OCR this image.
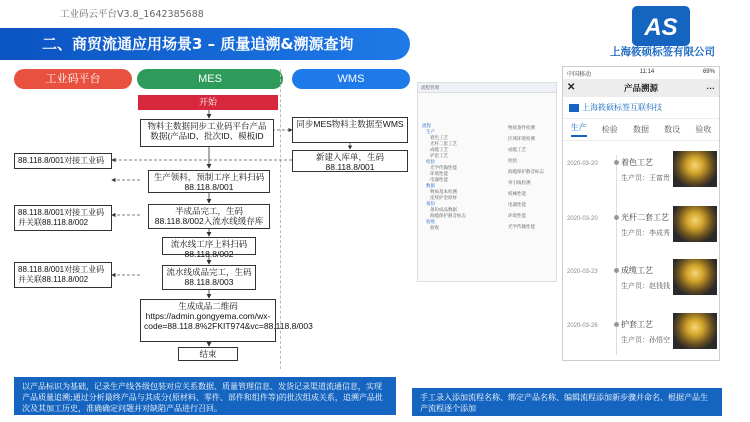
工业码云平台V3.8_1642385688
二、商贸流通应用场景3 – 质量追溯&溯源查询
AS
上海筱硕标签有限公司
工业码平台	MES	WMS
开始
物料主数据同步工业码平台产品数据(产品ID、批次ID、模板ID
生产领料，预制工序上料扫码88.118.8/001
半成品完工，生码88.118.8/002入流水线缓存库
流水线工序上料扫码88.118.8/002
流水线成品完工，生码88.118.8/003
生成成品二维码https://admin.gongyema.com/wx-code=88.118.8%2FKIT974&vc=88.118.8/003
结束
同步MES物料主数据至WMS
新建入库单，生码88.118.8/001
88.118.8/001对接工业码
88.118.8/001对接工业码并关联88.118.8/002
88.118.8/001对接工业码并关联88.118.8/002
以产品标识为基础，记录生产线各级包装对应关系数据、质量管理信息、发货记录渠道流通信息，实现产品质量追溯;通过分析最终产品与其成分(原材料、零件、部件和组件等)的批次组成关系，追溯产品批次及其加工历史，准确确定问题并对缺陷产品进行召回。
流程管理
流程
生产
着色工艺
光杆二套工艺
成缆工艺
护套工艺
检验
光学传输性能
环境性能
电器性能
数据
物质基本检测
连续护金原材
备份
备份成品数据
海缆保护静音标志
验收
验收
物质条件检测
区域环境检测
成缆工艺
检验
海缆保护静音标志
单引线检测
机械性能
电器性能
环境性能
光学传输性能
中国移动	11:14	69%
✕	产品溯源	···
上海筱硕标签互联科技
生产 检验 数据 数设 验收
2020-03-20	着色工艺
生产员：王富贵
2020-03-20	光杆二套工艺
生产员：李成秀
2020-03-23	成缆工艺
生产员：赵钱钱
2020-03-26	护套工艺
生产员：孙悟空
手工录入添加流程名称、绑定产品名称、编辑流程添加新步骤并命名、根据产品生产流程逐个添加
